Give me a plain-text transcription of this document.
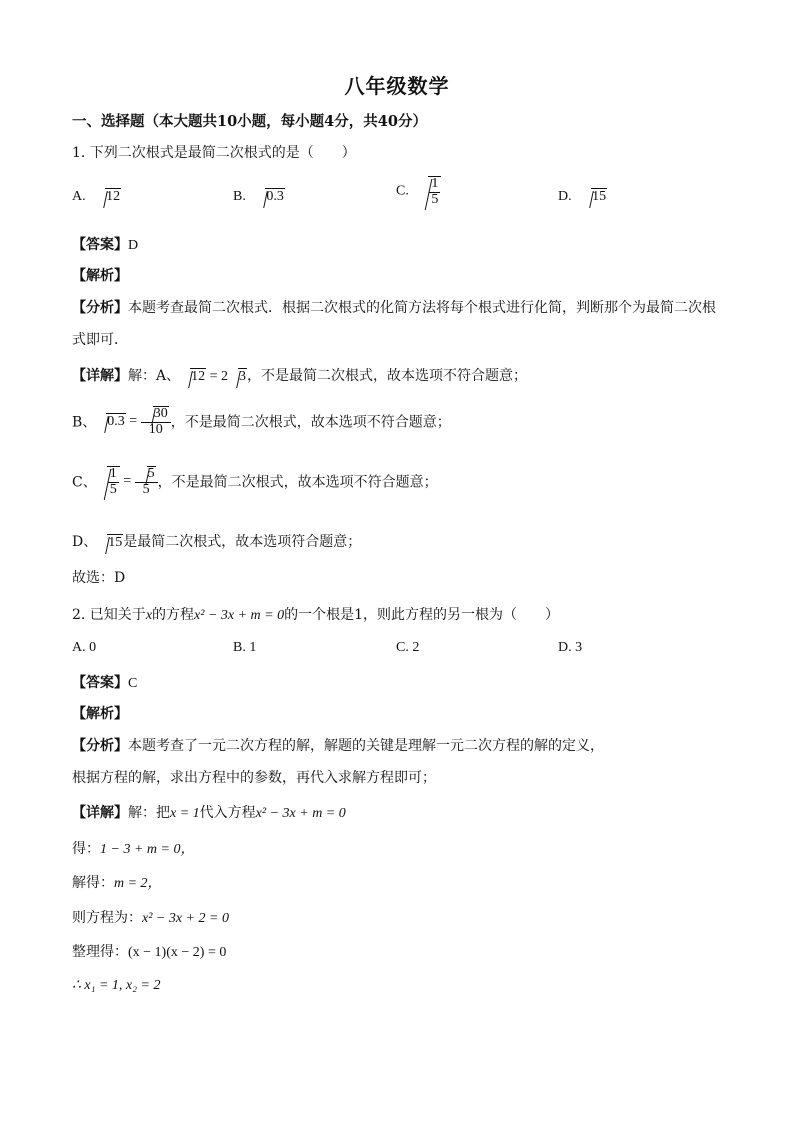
八年级数学
一、选择题（本大题共10小题，每小题4分，共40分）
1. 下列二次根式是最简二次根式的是（　　）
A. 12	B. 0.3	C. $\frac{1}{5}$	D. 15
【答案】D
【解析】
【分析】本题考查最简二次根式．根据二次根式的化简方法将每个根式进行化简，判断那个为最简二次根
式即可．
【详解】解：A、 12 = 2 3，不是最简二次根式，故本选项不符合题意；
B、 $0.3 = \frac{30}{10}$ ，不是最简二次根式，故本选项不符合题意；
C、 $\frac{1}{5} = \frac{5}{5}$ ，不是最简二次根式，故本选项不符合题意；
D、 15是最简二次根式，故本选项符合题意；
故选：D
2. 已知关于x的方程x² − 3x + m = 0的一个根是1，则此方程的另一根为（　　）
A. 0	B. 1	C. 2	D. 3
【答案】C
【解析】
【分析】本题考查了一元二次方程的解，解题的关键是理解一元二次方程的解的定义，
根据方程的解，求出方程中的参数，再代入求解方程即可；
【详解】解：把x = 1代入方程x² − 3x + m = 0
得：1 − 3 + m = 0，
解得：m = 2，
则方程为：x² − 3x + 2 = 0
整理得：(x − 1)(x − 2) = 0
∴ x₁ = 1, x₂ = 2
